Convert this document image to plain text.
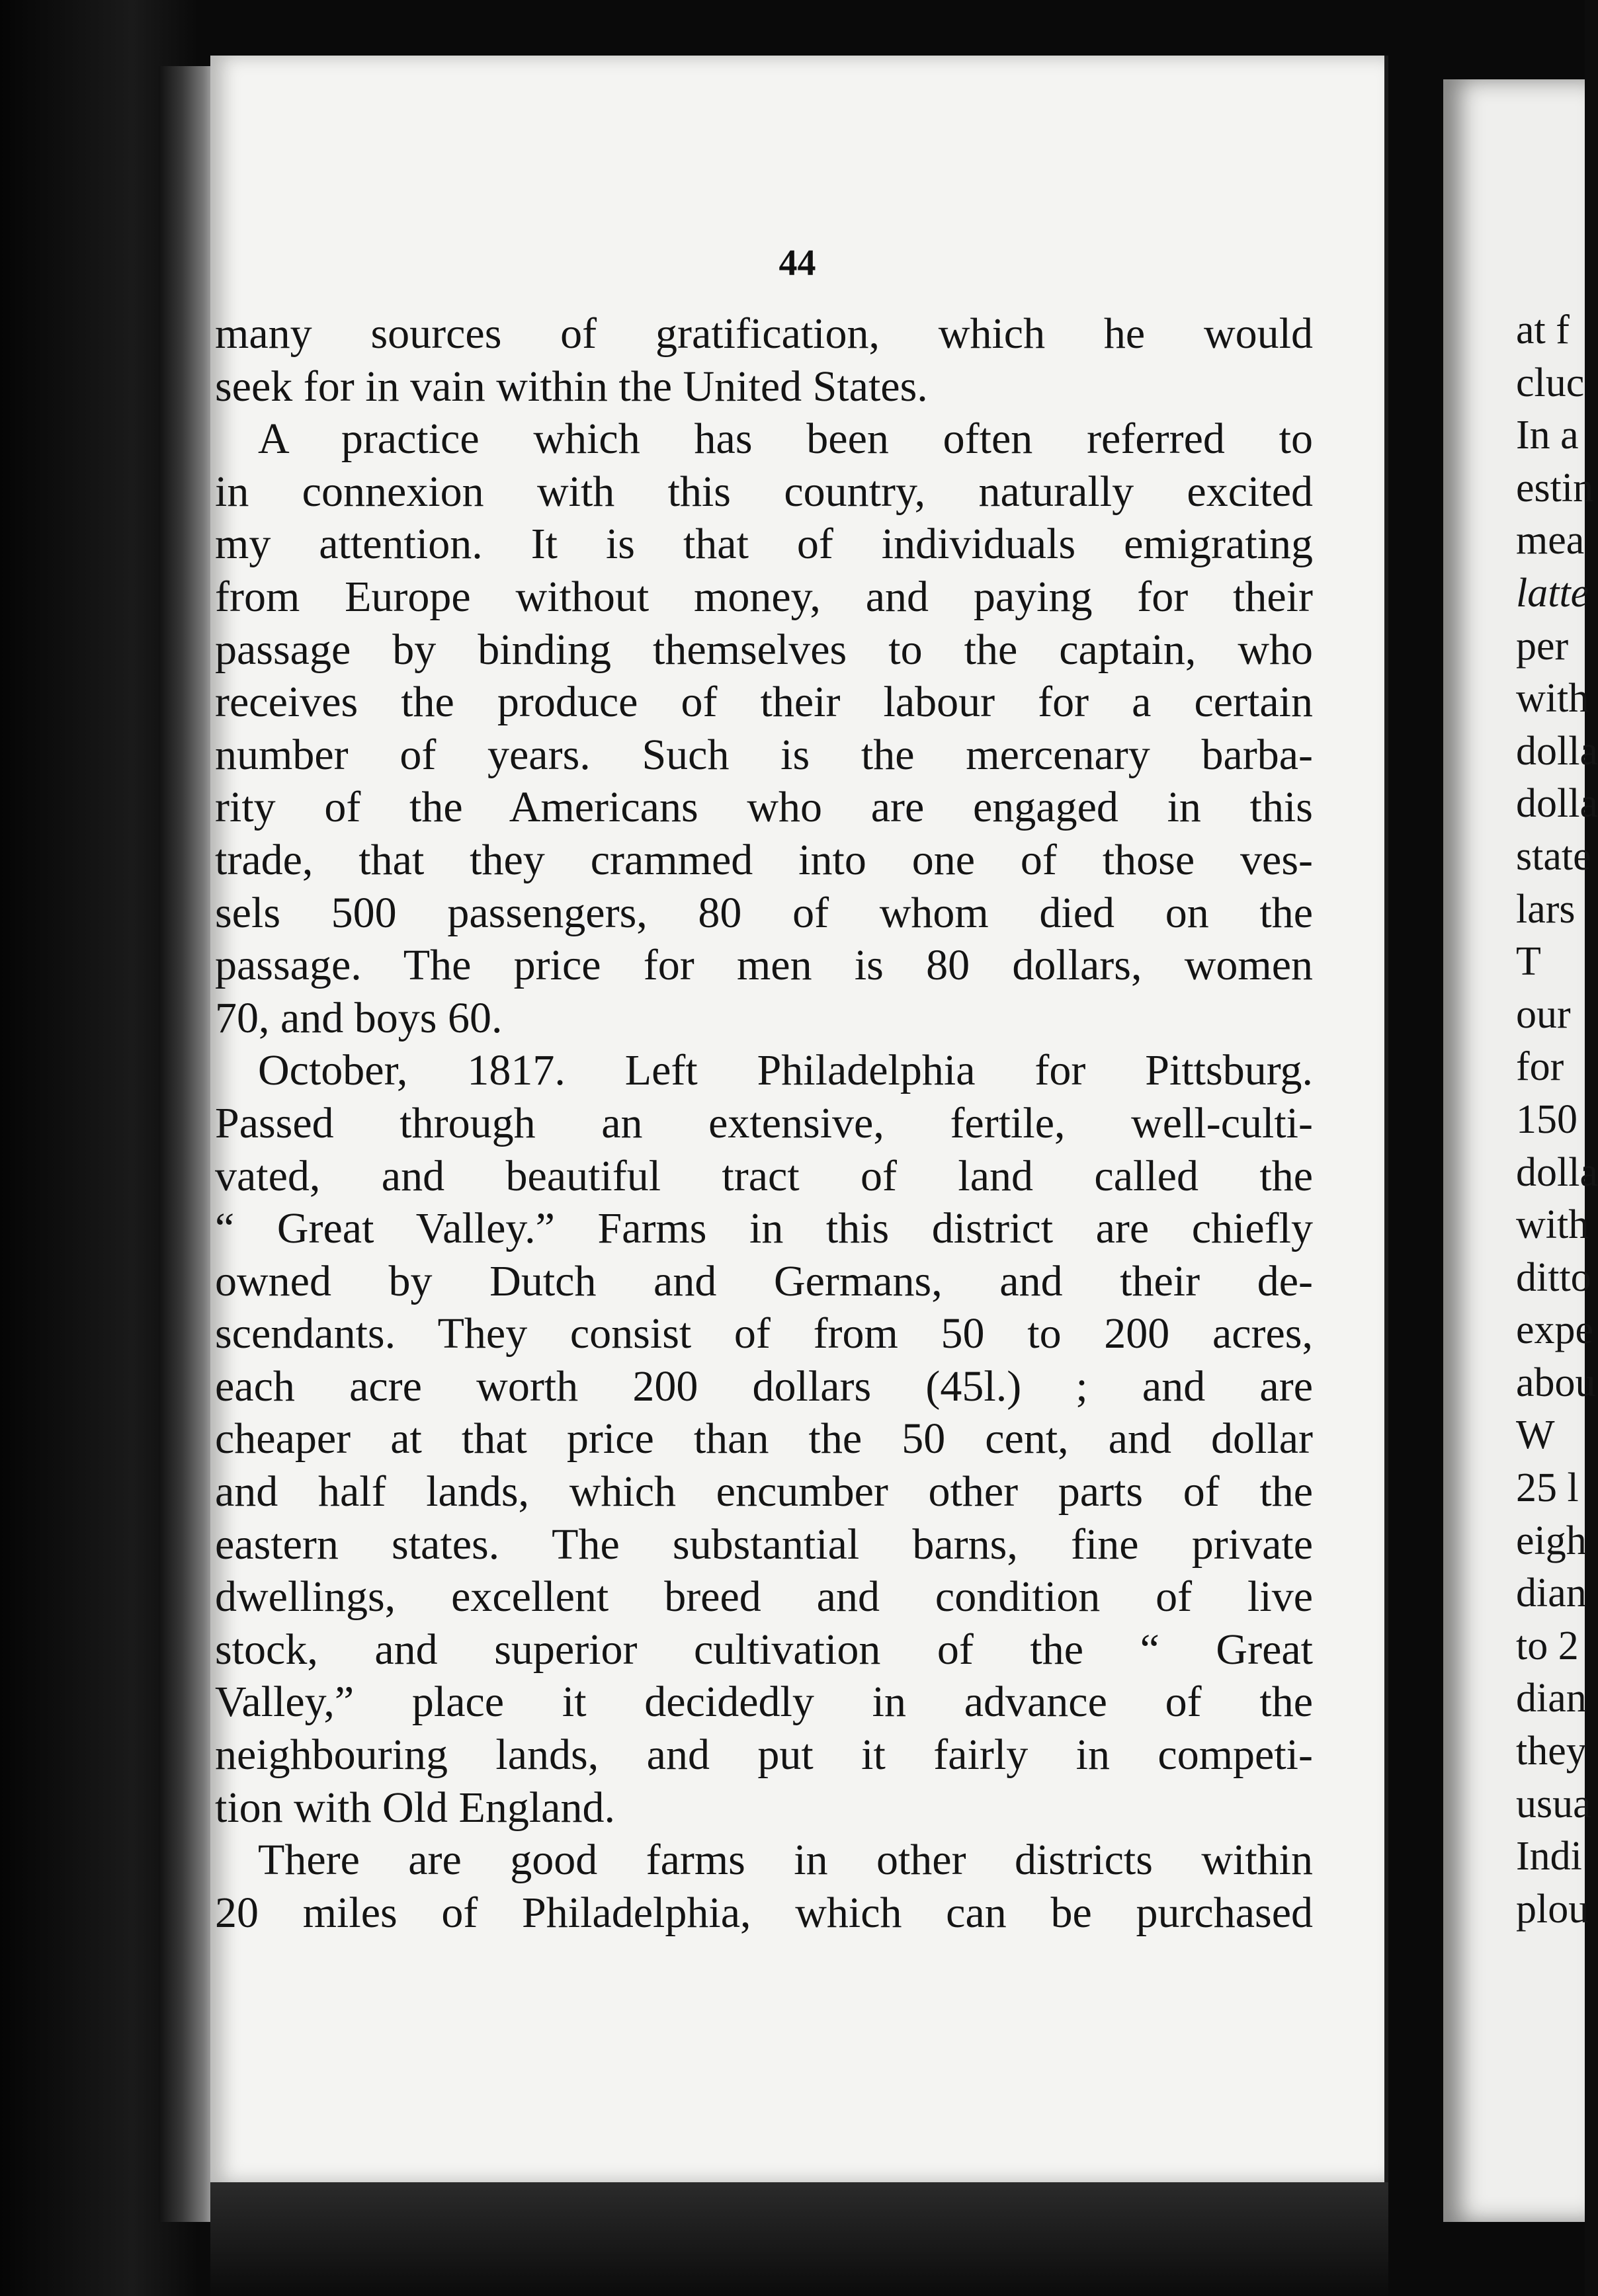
44
many sources of gratification, which he would
seek for in vain within the United States.
A practice which has been often referred to
in connexion with this country, naturally excited
my attention. It is that of individuals emigrating
from Europe without money, and paying for their
passage by binding themselves to the captain, who
receives the produce of their labour for a certain
number of years. Such is the mercenary barba-
rity of the Americans who are engaged in this
trade, that they crammed into one of those ves-
sels 500 passengers, 80 of whom died on the
passage. The price for men is 80 dollars, women
70, and boys 60.
October, 1817. Left Philadelphia for Pittsburg.
Passed through an extensive, fertile, well-culti-
vated, and beautiful tract of land called the
“ Great Valley.” Farms in this district are chiefly
owned by Dutch and Germans, and their de-
scendants. They consist of from 50 to 200 acres,
each acre worth 200 dollars (45l.) ; and are
cheaper at that price than the 50 cent, and dollar
and half lands, which encumber other parts of the
eastern states. The substantial barns, fine private
dwellings, excellent breed and condition of live
stock, and superior cultivation of the “ Great
Valley,” place it decidedly in advance of the
neighbouring lands, and put it fairly in competi-
tion with Old England.
There are good farms in other districts within
20 miles of Philadelphia, which can be purchased
at f
cluc
In a
estin
mea
latte
per
with
dolla
dolla
state
lars
T
our
for
150
dolla
with
ditto
expe
abou
W
25 l
eigh
dian
to 2
dian
they
usua
Indi
plou
